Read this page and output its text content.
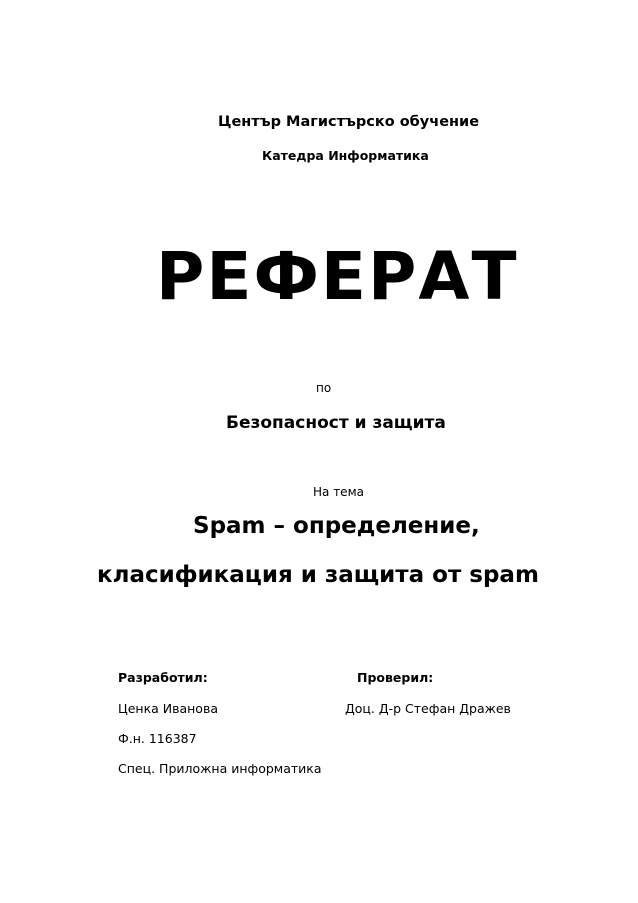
Център Магистърско обучение
Катедра Информатика
РЕФЕРАТ
по
Безопасност и защита
На тема
Spam – определение,
класификация и защита от spam
Разработил:	Проверил:
Ценка Иванова	Доц. Д-р Стефан Дражев
Ф.н. 116387
Спец. Приложна информатика
